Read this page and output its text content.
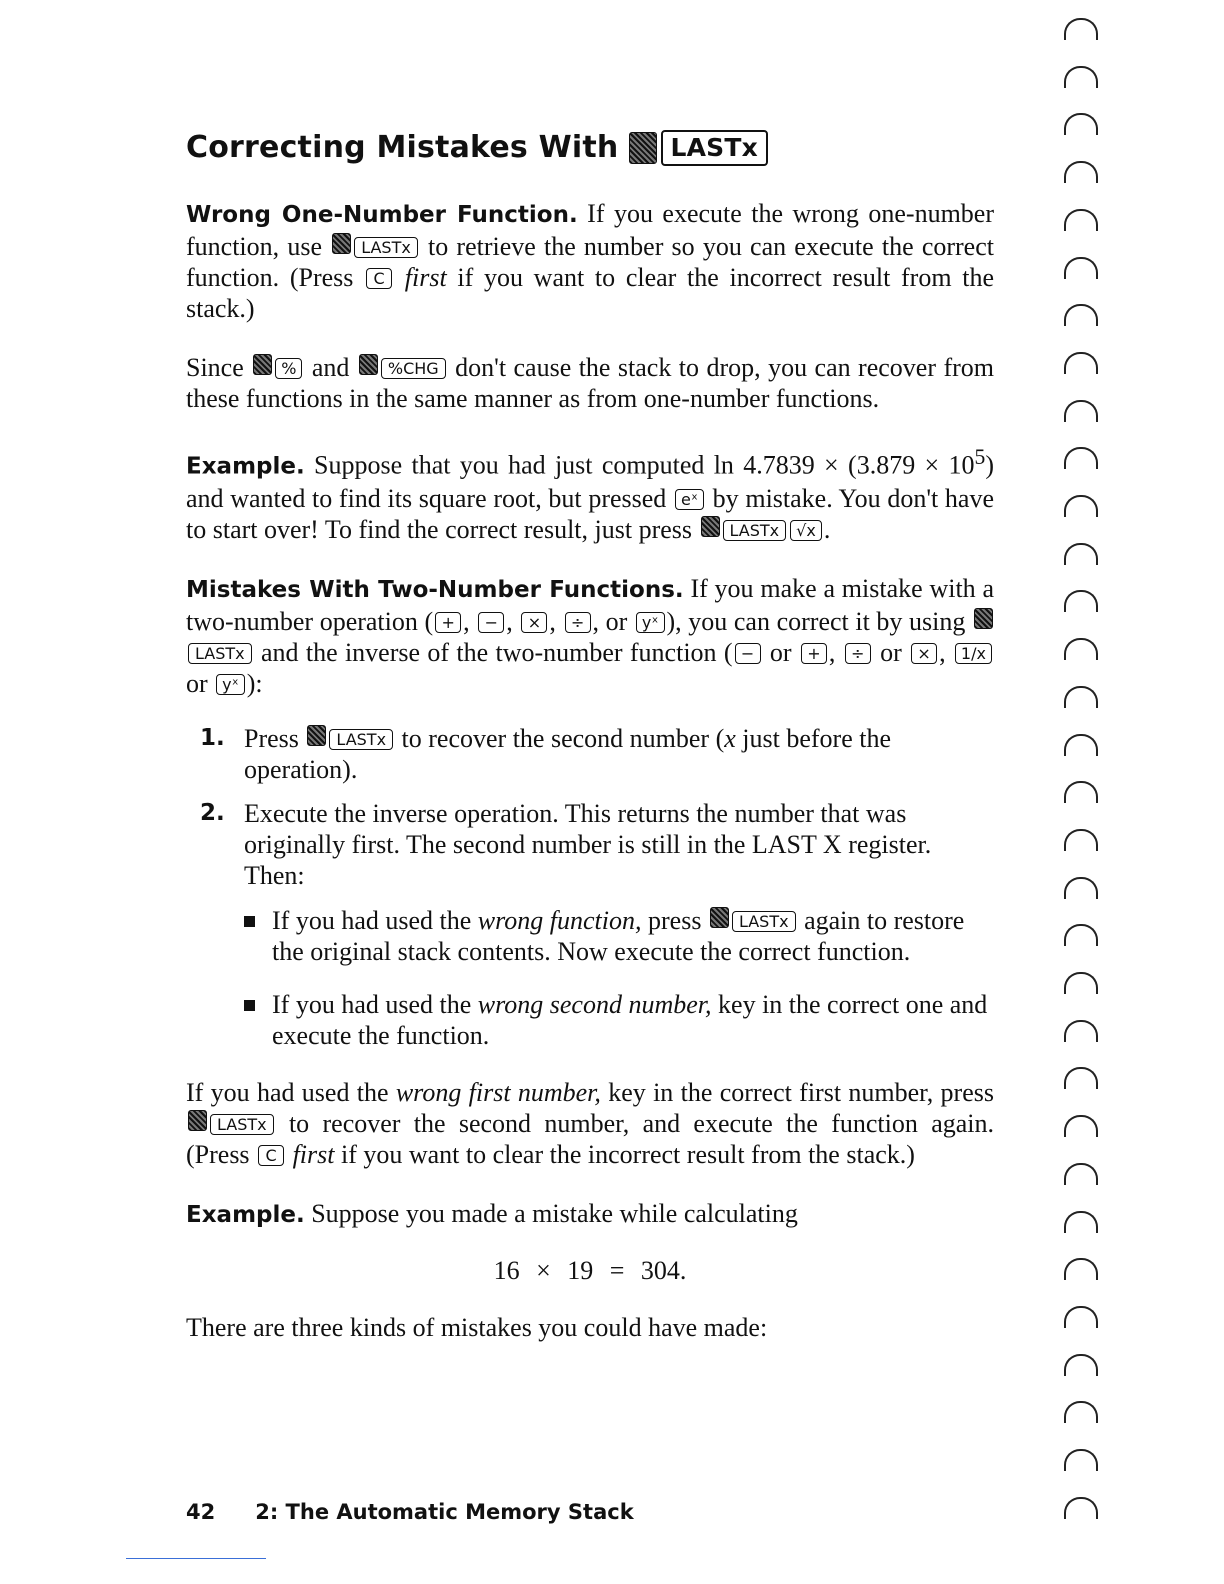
Correcting Mistakes With	LASTx

Wrong One-Number Function. If you execute the wrong one-number function, use LASTx to retrieve the number so you can execute the correct function. (Press C first if you want to clear the incorrect result from the stack.)

Since % and %CHG don't cause the stack to drop, you can recover from these functions in the same manner as from one-number functions.

Example. Suppose that you had just computed $\ln 4.7839 \times (3.879 \times 10^5)$ and wanted to find its square root, but pressed eˣ by mistake. You don't have to start over! To find the correct result, just press LASTx √x .

Mistakes With Two-Number Functions. If you make a mistake with a two-number operation ( + , − , × , ÷ , or yˣ ), you can correct it by using LASTx and the inverse of the two-number function ( − or + , ÷ or × , 1/x or yˣ ):

1. Press LASTx to recover the second number (x just before the operation).
2. Execute the inverse operation. This returns the number that was originally first. The second number is still in the LAST X register. Then:
If you had used the wrong function, press LASTx again to restore the original stack contents. Now execute the correct function.
If you had used the wrong second number, key in the correct one and execute the function.

If you had used the wrong first number, key in the correct first number, press LASTx to recover the second number, and execute the function again. (Press C first if you want to clear the incorrect result from the stack.)

Example. Suppose you made a mistake while calculating

16 × 19 = 304.

There are three kinds of mistakes you could have made:

42 2: The Automatic Memory Stack
